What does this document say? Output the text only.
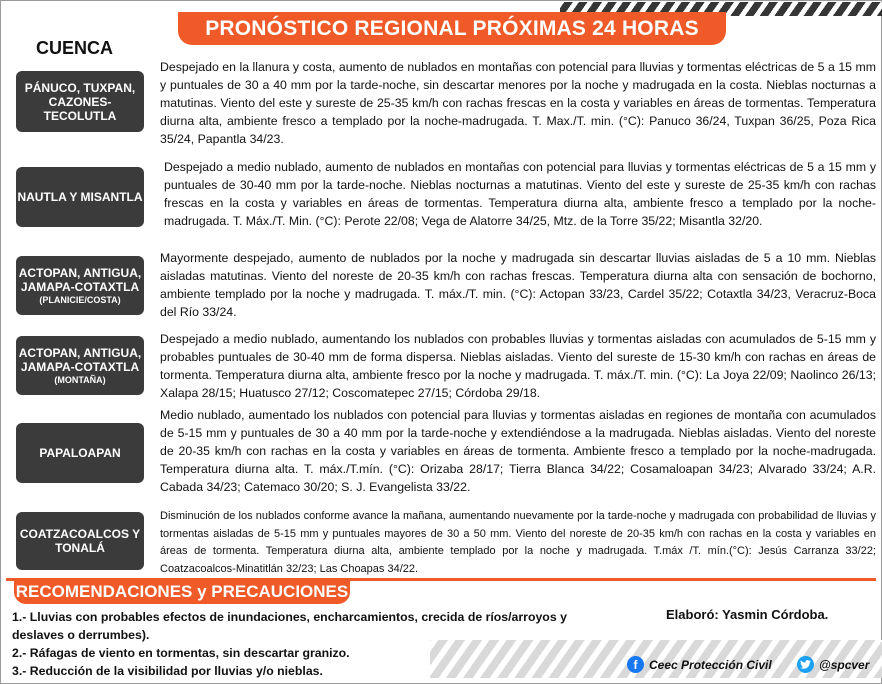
PRONÓSTICO REGIONAL PRÓXIMAS 24 HORAS
CUENCA
PÁNUCO, TUXPAN, CAZONES-TECOLUTLA
Despejado en la llanura y costa, aumento de nublados en montañas con potencial para lluvias y tormentas eléctricas de 5 a 15 mm y puntuales de 30 a 40 mm por la tarde-noche, sin descartar menores por la noche y madrugada en la costa. Nieblas nocturnas a matutinas. Viento del este y sureste de 25-35 km/h con rachas frescas en la costa y variables en áreas de tormentas. Temperatura diurna alta, ambiente fresco a templado por la noche-madrugada. T. Max./T. min. (°C): Panuco 36/24, Tuxpan 36/25, Poza Rica 35/24, Papantla 34/23.
NAUTLA Y MISANTLA
Despejado a medio nublado, aumento de nublados en montañas con potencial para lluvias y tormentas eléctricas de 5 a 15 mm y puntuales de 30-40 mm por la tarde-noche. Nieblas nocturnas a matutinas. Viento del este y sureste de 25-35 km/h con rachas frescas en la costa y variables en áreas de tormentas. Temperatura diurna alta, ambiente fresco a templado por la noche-madrugada. T. Máx./T. Min. (°C): Perote 22/08; Vega de Alatorre 34/25, Mtz. de la Torre 35/22; Misantla 32/20.
ACTOPAN, ANTIGUA, JAMAPA-COTAXTLA
(PLANICIE/COSTA)
Mayormente despejado, aumento de nublados por la noche y madrugada sin descartar lluvias aisladas de 5 a 10 mm. Nieblas aisladas matutinas. Viento del noreste de 20-35 km/h con rachas frescas. Temperatura diurna alta con sensación de bochorno, ambiente templado por la noche y madrugada. T. máx./T. min. (°C): Actopan 33/23, Cardel 35/22; Cotaxtla 34/23, Veracruz-Boca del Río 33/24.
ACTOPAN, ANTIGUA, JAMAPA-COTAXTLA
(MONTAÑA)
Despejado a medio nublado, aumentando los nublados con probables lluvias y tormentas aisladas con acumulados de 5-15 mm y probables puntuales de 30-40 mm de forma dispersa. Nieblas aisladas. Viento del sureste de 15-30 km/h con rachas en áreas de tormenta. Temperatura diurna alta, ambiente fresco por la noche y madrugada. T. máx./T. min. (°C): La Joya 22/09; Naolinco 26/13; Xalapa 28/15; Huatusco 27/12; Coscomatepec 27/15; Córdoba 29/18.
PAPALOAPAN
Medio nublado, aumentado los nublados con potencial para lluvias y tormentas aisladas en regiones de montaña con acumulados de 5-15 mm y puntuales de 30 a 40 mm por la tarde-noche y extendiéndose a la madrugada. Nieblas aisladas. Viento del noreste de 20-35 km/h con rachas en la costa y variables en áreas de tormenta. Ambiente fresco a templado por la noche-madrugada. Temperatura diurna alta. T. máx./T.mín. (°C): Orizaba 28/17; Tierra Blanca 34/22; Cosamaloapan 34/23; Alvarado 33/24; A.R. Cabada 34/23; Catemaco 30/20; S. J. Evangelista 33/22.
COATZACOALCOS Y TONALÁ
Disminución de los nublados conforme avance la mañana, aumentando nuevamente por la tarde-noche y madrugada con probabilidad de lluvias y tormentas aisladas de 5-15 mm y puntuales mayores de 30 a 50 mm. Viento del noreste de 20-35 km/h con rachas en la costa y variables en áreas de tormenta. Temperatura diurna alta, ambiente templado por la noche y madrugada. T.máx /T. mín.(°C): Jesús Carranza 33/22; Coatzacoalcos-Minatitlán 32/23; Las Choapas 34/22.
RECOMENDACIONES y PRECAUCIONES
1.- Lluvias con probables efectos de inundaciones, encharcamientos, crecida de ríos/arroyos y deslaves o derrumbes).
2.- Ráfagas de viento en tormentas, sin descartar granizo.
3.- Reducción de la visibilidad por lluvias y/o nieblas.
Elaboró: Yasmin Córdoba.
f Ceec Protección Civil	@spcver
